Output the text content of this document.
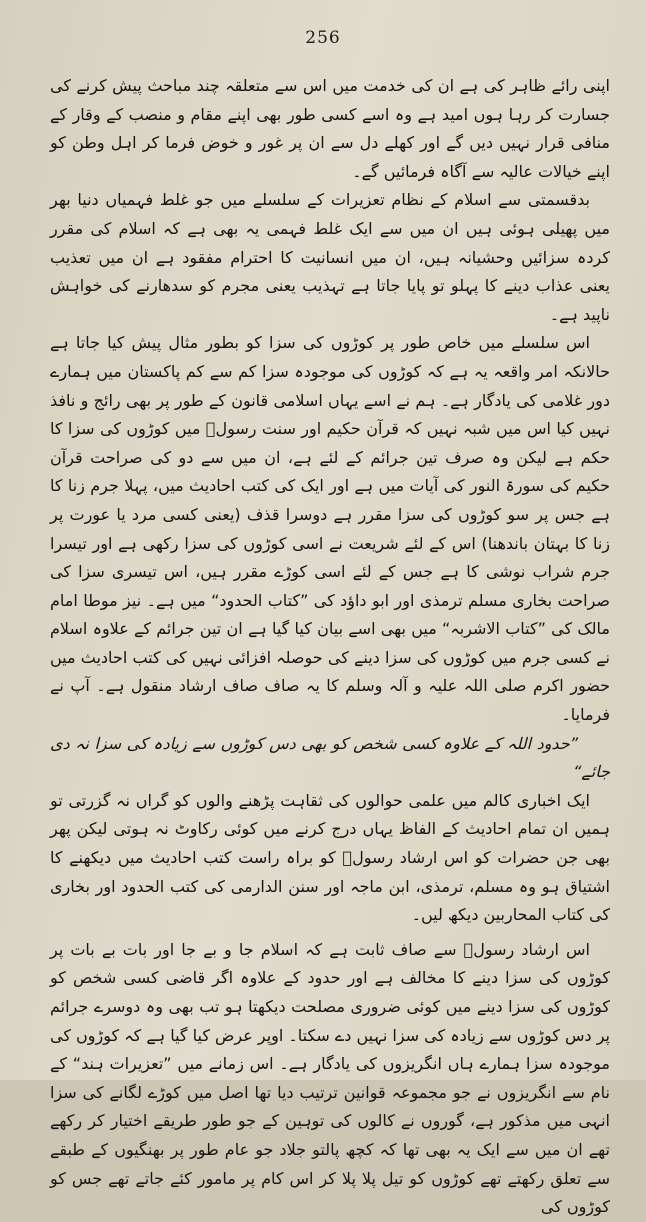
256

اپنی رائے ظاہر کی ہے ان کی خدمت میں اس سے متعلقہ چند مباحث پیش کرنے کی جسارت کر رہا ہوں امید ہے وہ اسے کسی طور بھی اپنے مقام و منصب کے وقار کے منافی قرار نہیں دیں گے اور کھلے دل سے ان پر غور و خوض فرما کر اہل وطن کو اپنے خیالات عالیہ سے آگاہ فرمائیں گے۔

بدقسمتی سے اسلام کے نظام تعزیرات کے سلسلے میں جو غلط فہمیاں دنیا بھر میں پھیلی ہوئی ہیں ان میں سے ایک غلط فہمی یہ بھی ہے کہ اسلام کی مقرر کردہ سزائیں وحشیانہ ہیں، ان میں انسانیت کا احترام مفقود ہے ان میں تعذیب یعنی عذاب دینے کا پہلو تو پایا جاتا ہے تہذیب یعنی مجرم کو سدھارنے کی خواہش ناپید ہے۔

اس سلسلے میں خاص طور پر کوڑوں کی سزا کو بطور مثال پیش کیا جاتا ہے حالانکہ امر واقعہ یہ ہے کہ کوڑوں کی موجودہ سزا کم سے کم پاکستان میں ہمارے دور غلامی کی یادگار ہے۔ ہم نے اسے یہاں اسلامی قانون کے طور پر بھی رائج و نافذ نہیں کیا اس میں شبہ نہیں کہ قرآن حکیم اور سنت رسولؐ میں کوڑوں کی سزا کا حکم ہے لیکن وہ صرف تین جرائم کے لئے ہے، ان میں سے دو کی صراحت قرآن حکیم کی سورۃ النور کی آیات میں ہے اور ایک کی کتب احادیث میں، پہلا جرم زنا کا ہے جس پر سو کوڑوں کی سزا مقرر ہے دوسرا قذف (یعنی کسی مرد یا عورت پر زنا کا بہتان باندھنا) اس کے لئے شریعت نے اسی کوڑوں کی سزا رکھی ہے اور تیسرا جرم شراب نوشی کا ہے جس کے لئے اسی کوڑے مقرر ہیں، اس تیسری سزا کی صراحت بخاری مسلم ترمذی اور ابو داؤد کی ”کتاب الحدود“ میں ہے۔ نیز موطا امام مالک کی ”کتاب الاشربہ“ میں بھی اسے بیان کیا گیا ہے ان تین جرائم کے علاوہ اسلام نے کسی جرم میں کوڑوں کی سزا دینے کی حوصلہ افزائی نہیں کی کتب احادیث میں حضور اکرم صلی اللہ علیہ و آلہ وسلم کا یہ صاف صاف ارشاد منقول ہے۔ آپ نے فرمایا۔

”حدود اللہ کے علاوہ کسی شخص کو بھی دس کوڑوں سے زیادہ کی سزا نہ دی جائے“

ایک اخباری کالم میں علمی حوالوں کی ثقاہت پڑھنے والوں کو گراں نہ گزرتی تو ہمیں ان تمام احادیث کے الفاظ یہاں درج کرنے میں کوئی رکاوٹ نہ ہوتی لیکن پھر بھی جن حضرات کو اس ارشاد رسولؐ کو براہ راست کتب احادیث میں دیکھنے کا اشتیاق ہو وہ مسلم، ترمذی، ابن ماجہ اور سنن الدارمی کی کتب الحدود اور بخاری کی کتاب المحاربین دیکھ لیں۔

اس ارشاد رسولؐ سے صاف ثابت ہے کہ اسلام جا و بے جا اور بات بے بات پر کوڑوں کی سزا دینے کا مخالف ہے اور حدود کے علاوہ اگر قاضی کسی شخص کو کوڑوں کی سزا دینے میں کوئی ضروری مصلحت دیکھتا ہو تب بھی وہ دوسرے جرائم پر دس کوڑوں سے زیادہ کی سزا نہیں دے سکتا۔ اوپر عرض کیا گیا ہے کہ کوڑوں کی موجودہ سزا ہمارے ہاں انگریزوں کی یادگار ہے۔ اس زمانے میں ”تعزیرات ہند“ کے نام سے انگریزوں نے جو مجموعہ قوانین ترتیب دیا تھا اصل میں کوڑے لگانے کی سزا انہی میں مذکور ہے، گوروں نے کالوں کی توہین کے جو طور طریقے اختیار کر رکھے تھے ان میں سے ایک یہ بھی تھا کہ کچھ پالتو جلاد جو عام طور پر بھنگیوں کے طبقے سے تعلق رکھتے تھے کوڑوں کو تیل پلا پلا کر اس کام پر مامور کئے جاتے تھے جس کو کوڑوں کی
